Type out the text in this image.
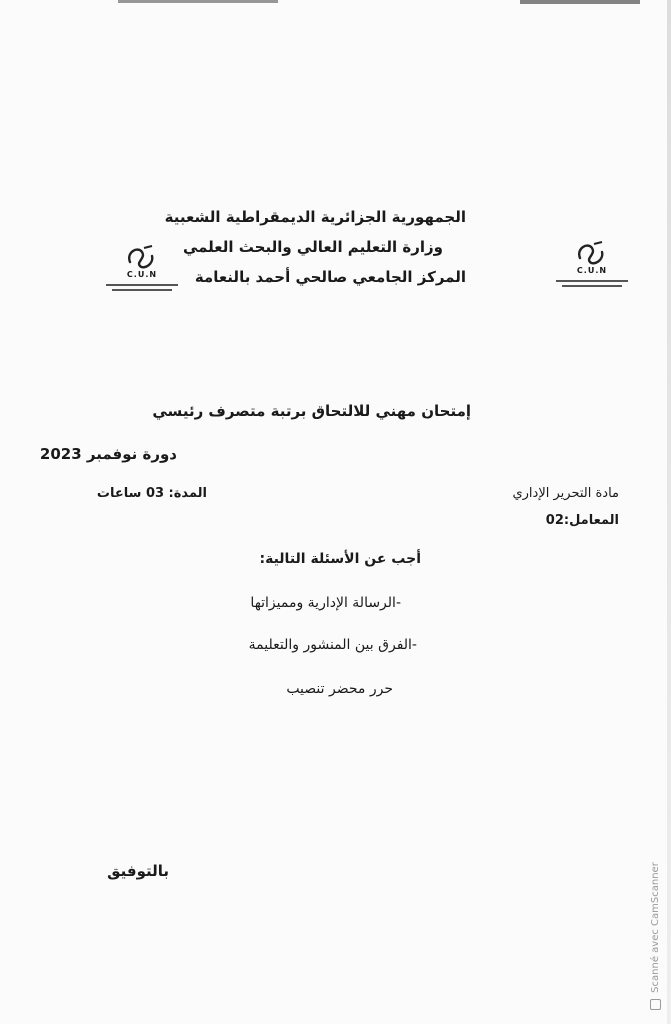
الجمهورية الجزائرية الديمقراطية الشعبية
وزارة التعليم العالي والبحث العلمي
المركز الجامعي صالحي أحمد بالنعامة
C.U.N	C.U.N
إمتحان مهني للالتحاق برتبة متصرف رئيسي
دورة نوفمبر 2023
مادة التحرير الإداري
المدة: 03 ساعات
المعامل:02
أجب عن الأسئلة التالية:
-الرسالة الإدارية ومميزاتها
-الفرق بين المنشور والتعليمة
حرر محضر تنصيب
بالتوفيق	Scanné avec CamScanner
